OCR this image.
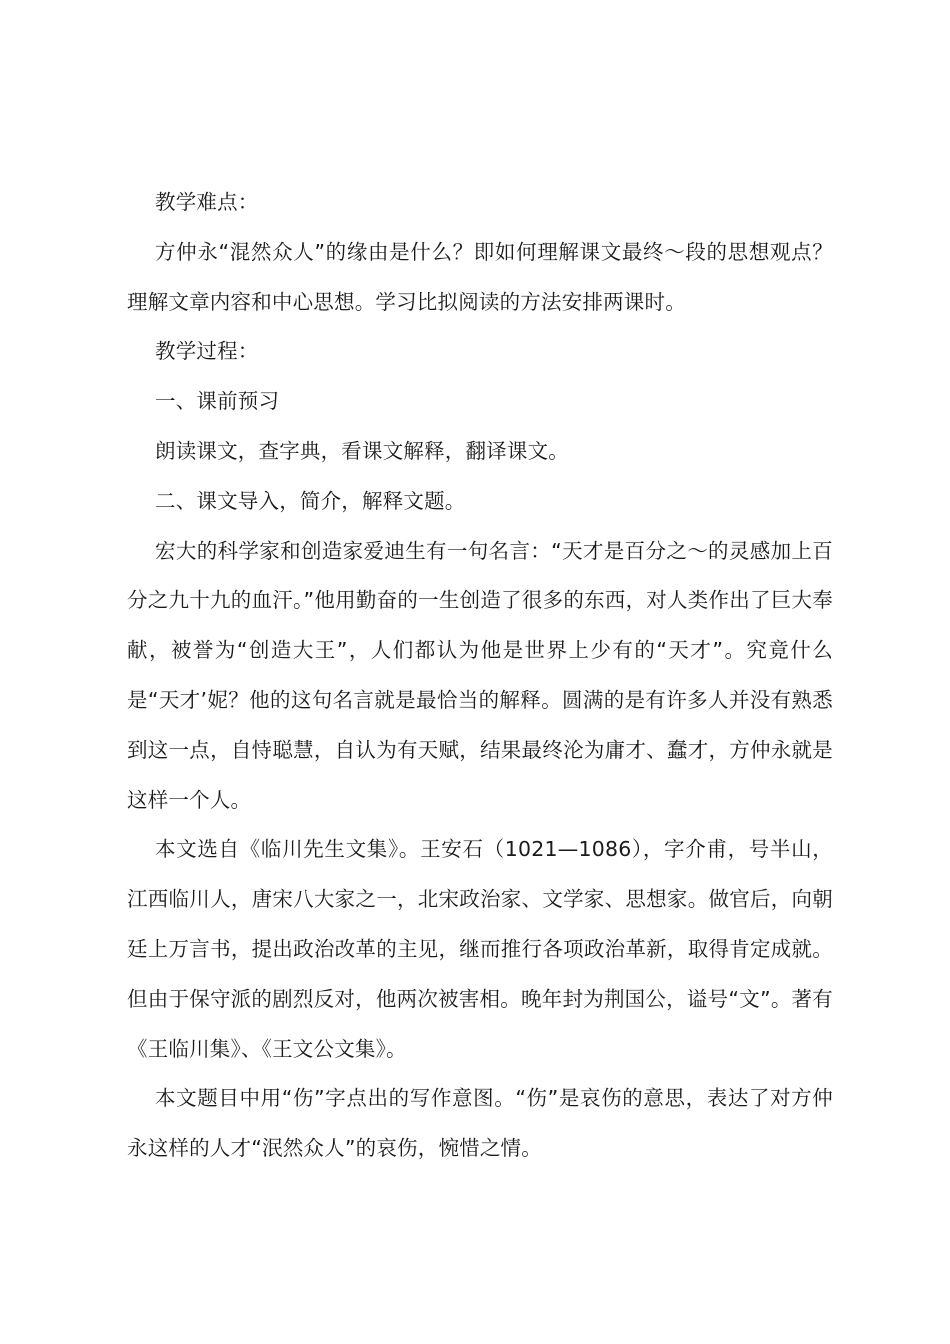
教学难点：

方仲永“混然众人”的缘由是什么？即如何理解课文最终～段的思想观点？理解文章内容和中心思想。学习比拟阅读的方法安排两课时。

教学过程：

一、课前预习

朗读课文，查字典，看课文解释，翻译课文。

二、课文导入，简介，解释文题。

宏大的科学家和创造家爱迪生有一句名言：“天才是百分之～的灵感加上百分之九十九的血汗。”他用勤奋的一生创造了很多的东西，对人类作出了巨大奉献，被誉为“创造大王”，人们都认为他是世界上少有的“天才”。究竟什么是“天才’妮？他的这句名言就是最恰当的解释。圆满的是有许多人并没有熟悉到这一点，自恃聪慧，自认为有天赋，结果最终沦为庸才、蠢才，方仲永就是这样一个人。

本文选自《临川先生文集》。王安石（1021—1086），字介甫，号半山，江西临川人，唐宋八大家之一，北宋政治家、文学家、思想家。做官后，向朝廷上万言书，提出政治改革的主见，继而推行各项政治革新，取得肯定成就。但由于保守派的剧烈反对，他两次被害相。晚年封为荆国公，谥号“文”。著有《王临川集》、《王文公文集》。

本文题目中用“伤”字点出的写作意图。“伤”是哀伤的意思，表达了对方仲永这样的人才“泯然众人”的哀伤，惋惜之情。
